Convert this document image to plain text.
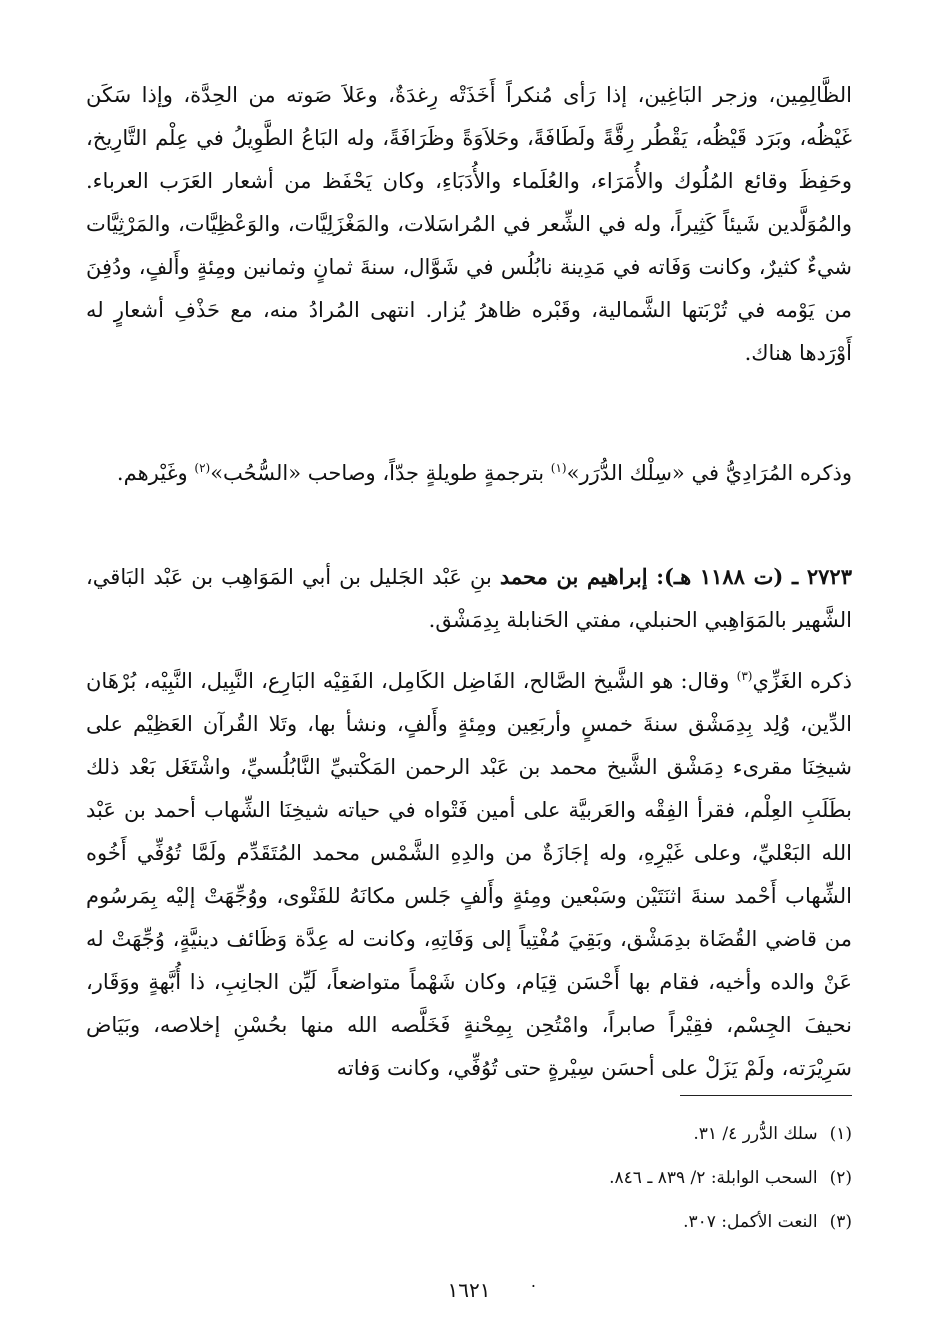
الظَّالِمِين، وزجر البَاغِين، إذا رَأى مُنكراً أَخَذَتْه رِغدَةٌ، وعَلاَ صَوته من الحِدَّة، وإذا سَكَن غَيْظُه، وبَرَد قَيْظُه، يَقْطُر رِقَّةً ولَطَافَةً، وحَلاَوَةً وظَرَافَةً، وله البَاعُ الطَّوِيلُ في عِلْم التَّارِيخ، وحَفِظَ وقائع المُلُوك والأُمَرَاء، والعُلَماء والأُدَبَاءِ، وكان يَحْفَظ من أشعار العَرَب العرباء. والمُوَلَّدين شَيئاً كَثِيراً، وله في الشِّعر في المُراسَلات، والمَغْزَلِيَّات، والوَعْظِيَّات، والمَرْثِيَّات شيءٌ كثيرٌ، وكانت وَفَاته في مَدِينة نابُلُس في شَوَّال، سنةَ ثمانٍ وثمانين ومِئةٍ وأَلفٍ، ودُفِنَ من يَوْمه في تُرْبَتها الشَّمالية، وقَبْره ظاهرُ يُزار. انتهى المُرادُ منه، مع حَذْفِ أشعارٍ له أَوْرَدها هناك.

وذكره المُرَادِيُّ في «سِلْك الدُّرَر»$^{(١)}$ بترجمةٍ طويلةٍ جدّاً، وصاحب «السُّحُب»$^{(٢)}$ وغَيْرهم.

٢٧٢٣ ـ (ت ١١٨٨ هـ): إبراهيم بن محمد بنِ عَبْد الجَليل بن أبي المَوَاهِب بن عَبْد البَاقي، الشَّهير بالمَوَاهِبي الحنبلي، مفتي الحَنابلة بِدِمَشْق.

ذكره الغَزِّي$^{(٣)}$ وقال: هو الشَّيخ الصَّالح، الفَاضِل الكَامِل، الفَقِيْه البَارِع، النَّبِيل، النَّبِيْه، بُرْهَان الدِّين، وُلِد بِدِمَشْق سنةَ خمسٍ وأربَعِين ومِئةٍ وأَلفٍ، ونشأ بها، وتَلا القُرآن العَظِيْم على شيخِنَا مقرىء دِمَشْق الشَّيخ محمد بن عَبْد الرحمن المَكْتبيِّ النَّابُلُسيِّ، واشْتَغَل بَعْد ذلك بطَلَبِ العِلْم، فقرأ الفِقْه والعَربيَّة على أمين فَتْواه في حياته شيخِنَا الشِّهاب أحمد بن عَبْد الله البَعْليِّ، وعلى غَيْرِهِ، وله إجَازَةٌ من والدِهِ الشَّمْس محمد المُتَقَدِّم ولَمَّا تُوُفِّي أَخُوه الشِّهاب أَحْمد سنةَ اثنَتَيْن وسَبْعين ومِئةٍ وأَلفٍ جَلس مكانَهُ للفَتْوى، ووُجِّهَتْ إليْه بِمَرسُوم من قاضي القُضَاة بدِمَشْق، وبَقِيَ مُفْتِياً إلى وَفَاتِهِ، وكانت له عِدَّة وَظَائف دينيَّةٍ، وُجِّهَتْ له عَنْ والده وأخيه، فقام بها أَحْسَن قِيَام، وكان شَهْماً متواضعاً، لَيِّن الجانِبِ، ذا أُبَّهةٍ ووَقَار، نحيفَ الجِسْم، فقِيْراً صابراً، وامْتُحِن بِمِحْنةٍ فَخَلَّصه الله منها بحُسْنِ إخلاصه، وبَيَاض سَرِيْرَته، ولَمْ يَزَلْ على أحسَن سِيْرةٍ حتى تُوُفِّي، وكانت وَفاته

(١)سلك الدُّرر ٤/ ٣١.

(٢)السحب الوابلة: ٢/ ٨٣٩ ـ ٨٤٦.

(٣)النعت الأكمل: ٣٠٧.

.
١٦٢١
